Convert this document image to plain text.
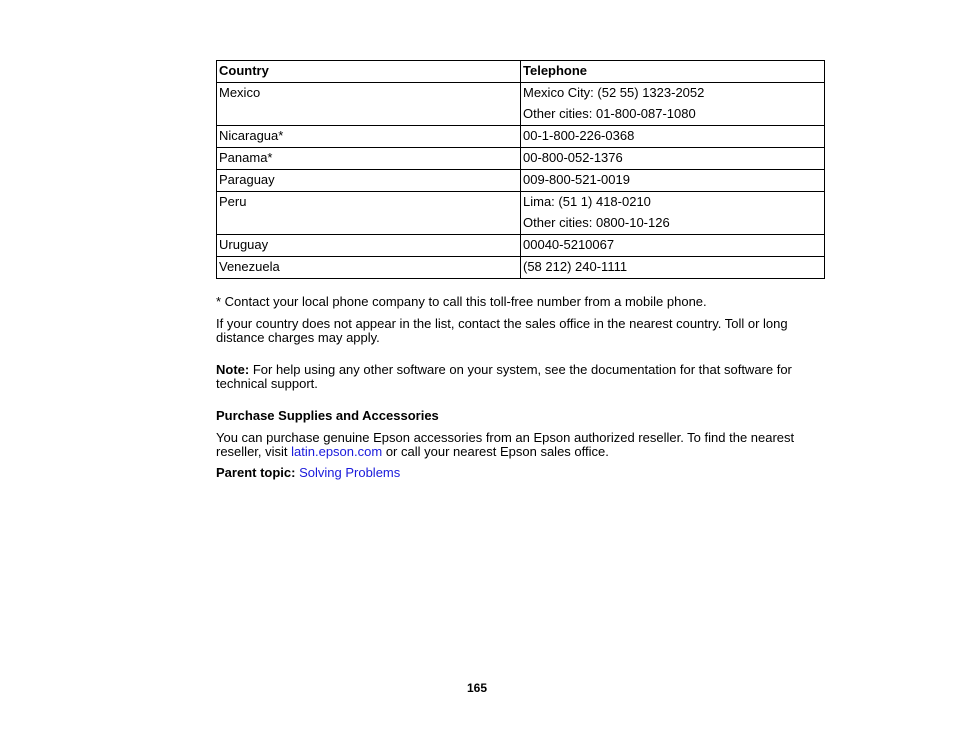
Country	Telephone
Mexico	Mexico City: (52 55) 1323-2052
Other cities: 01-800-087-1080

Nicaragua*	00-1-800-226-0368

Panama*	00-800-052-1376

Paraguay	009-800-521-0019

Peru	Lima: (51 1) 418-0210
Other cities: 0800-10-126

Uruguay	00040-5210067

Venezuela	(58 212) 240-1111

* Contact your local phone company to call this toll-free number from a mobile phone.

If your country does not appear in the list, contact the sales office in the nearest country. Toll or long distance charges may apply.

Note: For help using any other software on your system, see the documentation for that software for technical support.

Purchase Supplies and Accessories

You can purchase genuine Epson accessories from an Epson authorized reseller. To find the nearest reseller, visit latin.epson.com or call your nearest Epson sales office.

Parent topic: Solving Problems

165
